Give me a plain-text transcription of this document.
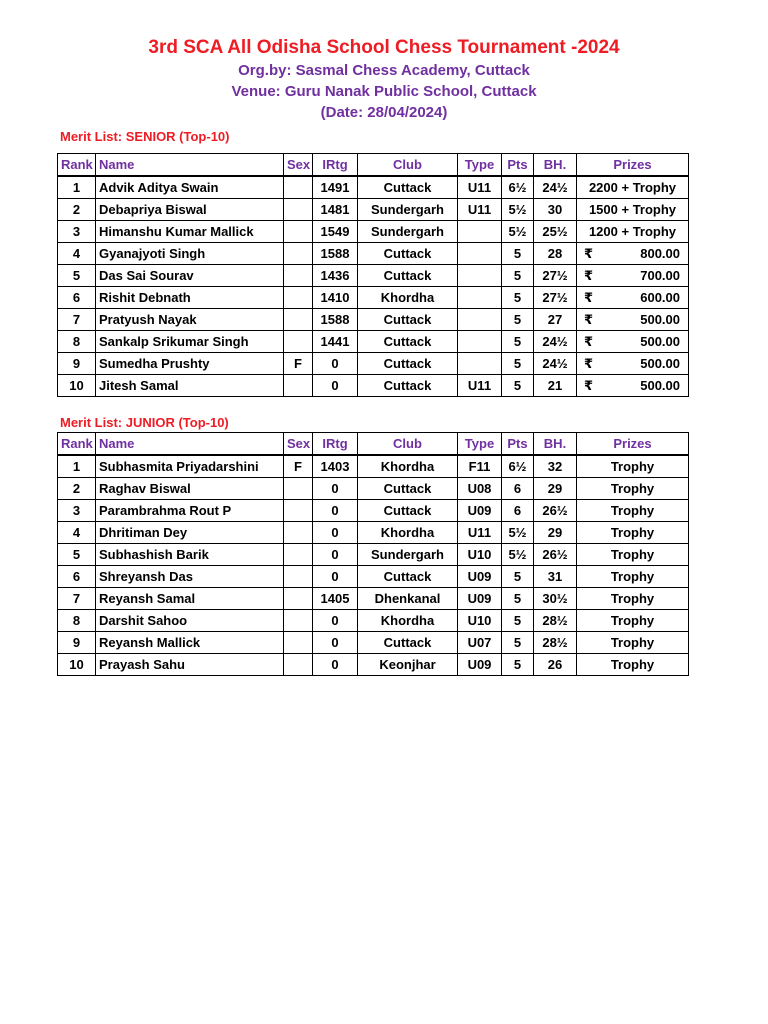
3rd SCA All Odisha School Chess Tournament -2024
Org.by: Sasmal Chess Academy, Cuttack
Venue: Guru Nanak Public School, Cuttack
(Date: 28/04/2024)
Merit List: SENIOR (Top-10)
Rank	Name	Sex	IRtg	Club	Type	Pts	BH.	Prizes
1	Advik Aditya Swain		1491	Cuttack	U11	6½	24½	2200 + Trophy
2	Debapriya Biswal		1481	Sundergarh	U11	5½	30	1500 + Trophy
3	Himanshu Kumar Mallick		1549	Sundergarh		5½	25½	1200 + Trophy
4	Gyanajyoti Singh		1588	Cuttack		5	28	₹ 800.00

5	Das Sai Sourav		1436	Cuttack		5	27½	₹ 700.00

6	Rishit Debnath		1410	Khordha		5	27½	₹ 600.00

7	Pratyush Nayak		1588	Cuttack		5	27	₹ 500.00

8	Sankalp Srikumar Singh		1441	Cuttack		5	24½	₹ 500.00

9	Sumedha Prushty	F	0	Cuttack		5	24½	₹ 500.00

10	Jitesh Samal		0	Cuttack	U11	5	21	₹ 500.00
Merit List: JUNIOR (Top-10)
Rank	Name	Sex	IRtg	Club	Type	Pts	BH.	Prizes
1	Subhasmita Priyadarshini	F	1403	Khordha	F11	6½	32	Trophy
2	Raghav Biswal		0	Cuttack	U08	6	29	Trophy
3	Parambrahma Rout P		0	Cuttack	U09	6	26½	Trophy
4	Dhritiman Dey		0	Khordha	U11	5½	29	Trophy
5	Subhashish Barik		0	Sundergarh	U10	5½	26½	Trophy
6	Shreyansh Das		0	Cuttack	U09	5	31	Trophy
7	Reyansh Samal		1405	Dhenkanal	U09	5	30½	Trophy
8	Darshit Sahoo		0	Khordha	U10	5	28½	Trophy
9	Reyansh Mallick		0	Cuttack	U07	5	28½	Trophy
10	Prayash Sahu		0	Keonjhar	U09	5	26	Trophy
